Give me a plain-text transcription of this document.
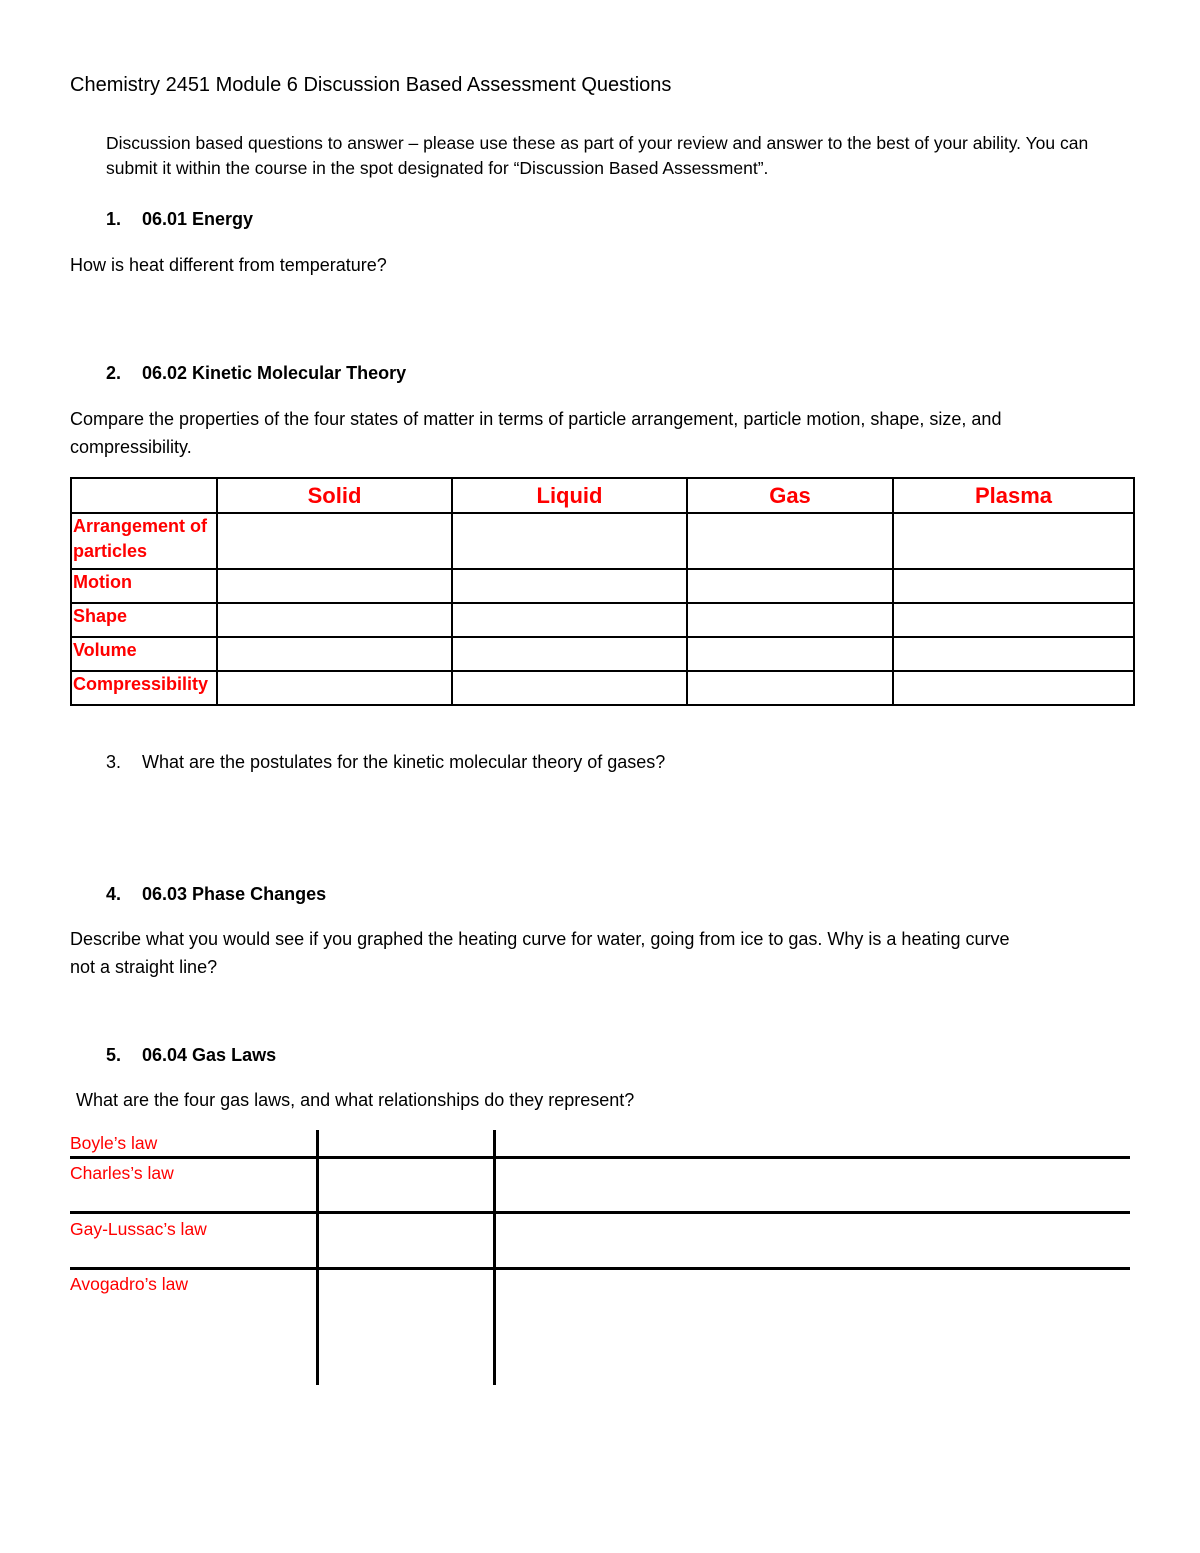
Chemistry 2451 Module 6 Discussion Based Assessment Questions
Discussion based questions to answer – please use these as part of your review and answer to the best of your ability. You can submit it within the course in the spot designated for “Discussion Based Assessment”.
1. 06.01 Energy
How is heat different from temperature?
2. 06.02 Kinetic Molecular Theory
Compare the properties of the four states of matter in terms of particle arrangement, particle motion, shape, size, and
compressibility.
	Solid	Liquid	Gas	Plasma
Arrangement of particles				
Motion				
Shape				
Volume				
Compressibility				
3. What are the postulates for the kinetic molecular theory of gases?
4. 06.03 Phase Changes
Describe what you would see if you graphed the heating curve for water, going from ice to gas. Why is a heating curve
not a straight line?
5. 06.04 Gas Laws
What are the four gas laws, and what relationships do they represent?
Boyle’s law
Charles’s law
Gay-Lussac’s law
Avogadro’s law
